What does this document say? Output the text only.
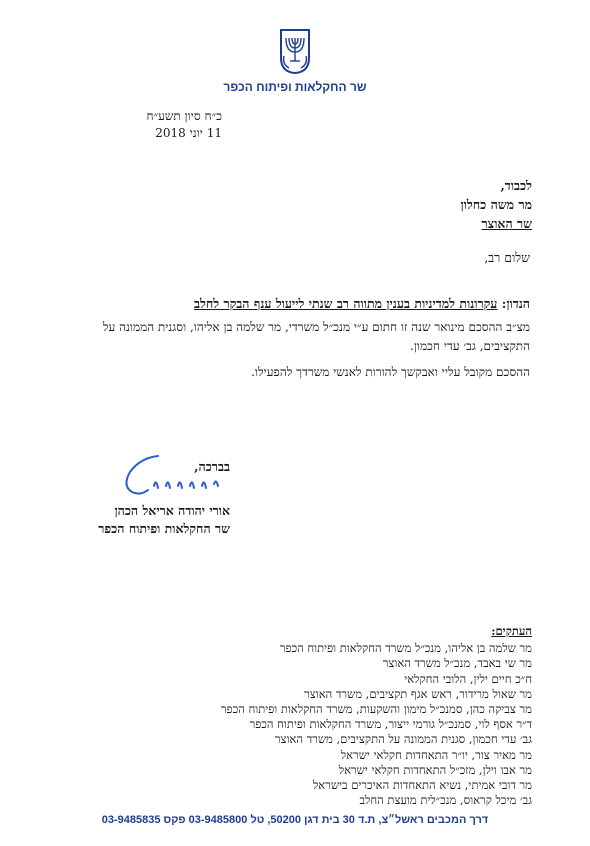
שר החקלאות ופיתוח הכפר
כ״ח סיון תשע״ח
11 יוני 2018
לכבוד,
מר משה כחלון
שר האוצר
שלום רב,
הנדון: עקרונות למדיניות בענין מתווה רב שנתי לייעול ענף הבקר לחלב

מצ״ב ההסכם מינואר שנה זו חתום ע״י מנכ״ל משרדי, מר שלמה בן אליהו, וסגנית הממונה על התקציבים, גב׳ עדי חכמון.

ההסכם מקובל עליי ואבקשך להורות לאנשי משרדך להפעילו.

בברכה,
אורי יהודה אריאל הכהן
שר החקלאות ופיתוח הכפר
העתקים:
מר שלמה בן אליהו, מנכ״ל משרד החקלאות ופיתוח הכפר
מר שי באבד, מנכ״ל משרד האוצר
ח״כ חיים ילין, הלובי החקלאי
מר שאול מרידור, ראש אגף תקציבים, משרד האוצר
מר צביקה כהן, סמנכ״ל מימון והשקעות, משרד החקלאות ופיתוח הכפר
ד״ר אסף לוי, סמנכ״ל גורמי ייצור, משרד החקלאות ופיתוח הכפר
גב׳ עדי חכמון, סגנית הממונה על התקציבים, משרד האוצר
מר מאיר צור, יו״ר התאחדות חקלאי ישראל
מר אבו וילן, מזכ״ל התאחדות חקלאי ישראל
מר דובי אמיתי, נשיא התאחדות האיכרים בישראל
גב׳ מיכל קראוס, מנכ״לית מועצת החלב
דרך המכבים ראשל״צ, ת.ד 30 בית דגן 50200, טל 03-9485800 פקס 03-9485835
